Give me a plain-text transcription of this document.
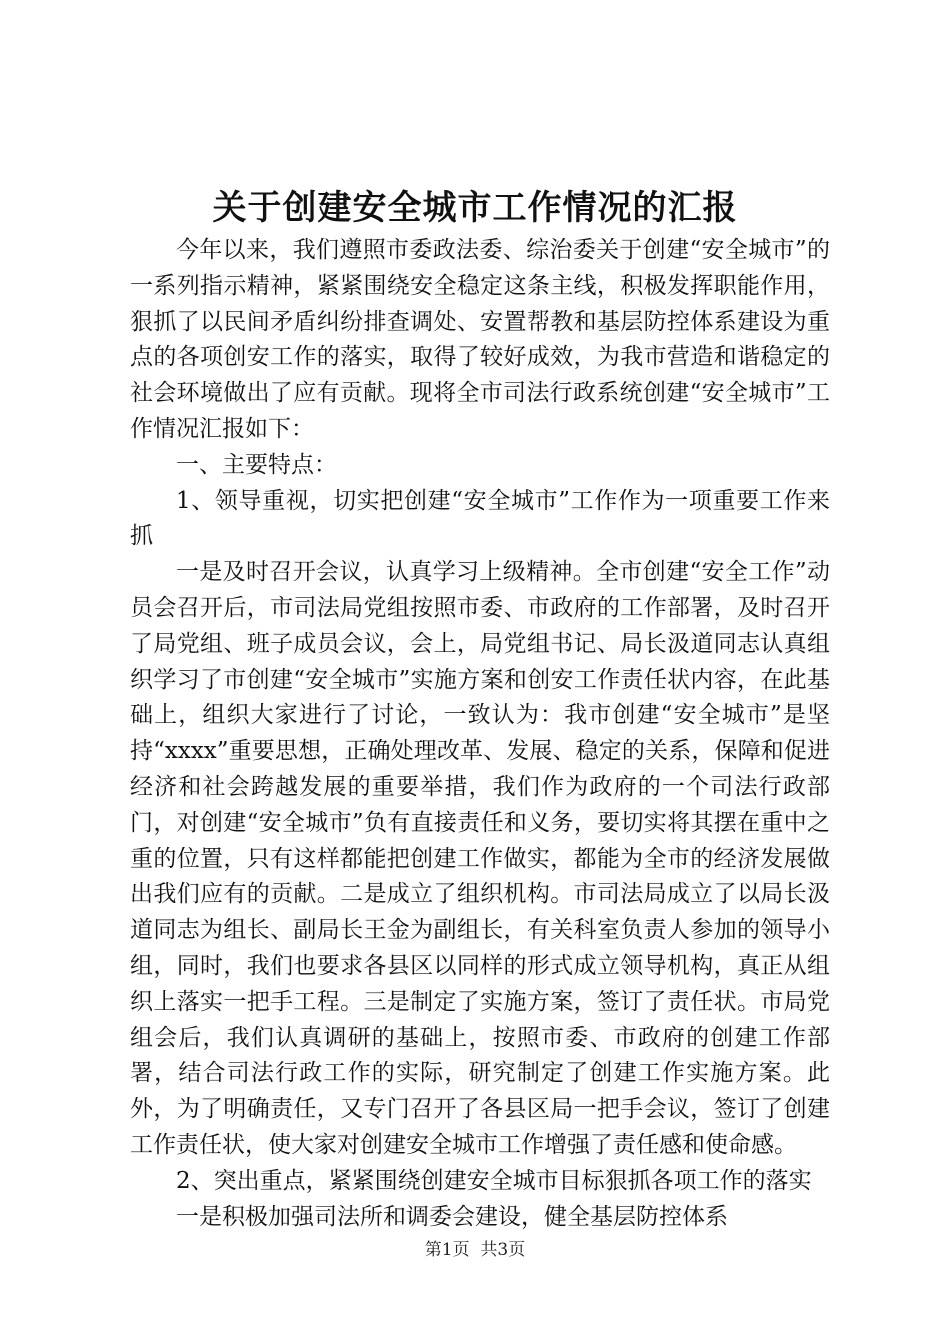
关于创建安全城市工作情况的汇报

今年以来，我们遵照市委政法委、综治委关于创建“安全城市”的一系列指示精神，紧紧围绕安全稳定这条主线，积极发挥职能作用，狠抓了以民间矛盾纠纷排查调处、安置帮教和基层防控体系建设为重点的各项创安工作的落实，取得了较好成效，为我市营造和谐稳定的社会环境做出了应有贡献。现将全市司法行政系统创建“安全城市”工作情况汇报如下：

一、主要特点：

1、领导重视，切实把创建“安全城市”工作作为一项重要工作来抓

一是及时召开会议，认真学习上级精神。全市创建“安全工作”动员会召开后，市司法局党组按照市委、市政府的工作部署，及时召开了局党组、班子成员会议，会上，局党组书记、局长汲道同志认真组织学习了市创建“安全城市”实施方案和创安工作责任状内容，在此基础上，组织大家进行了讨论，一致认为：我市创建“安全城市”是坚持“xxxx”重要思想，正确处理改革、发展、稳定的关系，保障和促进经济和社会跨越发展的重要举措，我们作为政府的一个司法行政部门，对创建“安全城市”负有直接责任和义务，要切实将其摆在重中之重的位置，只有这样都能把创建工作做实，都能为全市的经济发展做出我们应有的贡献。二是成立了组织机构。市司法局成立了以局长汲道同志为组长、副局长王金为副组长，有关科室负责人参加的领导小组，同时，我们也要求各县区以同样的形式成立领导机构，真正从组织上落实一把手工程。三是制定了实施方案，签订了责任状。市局党组会后，我们认真调研的基础上，按照市委、市政府的创建工作部署，结合司法行政工作的实际，研究制定了创建工作实施方案。此外，为了明确责任，又专门召开了各县区局一把手会议，签订了创建工作责任状，使大家对创建安全城市工作增强了责任感和使命感。

2、突出重点，紧紧围绕创建安全城市目标狠抓各项工作的落实

一是积极加强司法所和调委会建设，健全基层防控体系

第1页 共3页
